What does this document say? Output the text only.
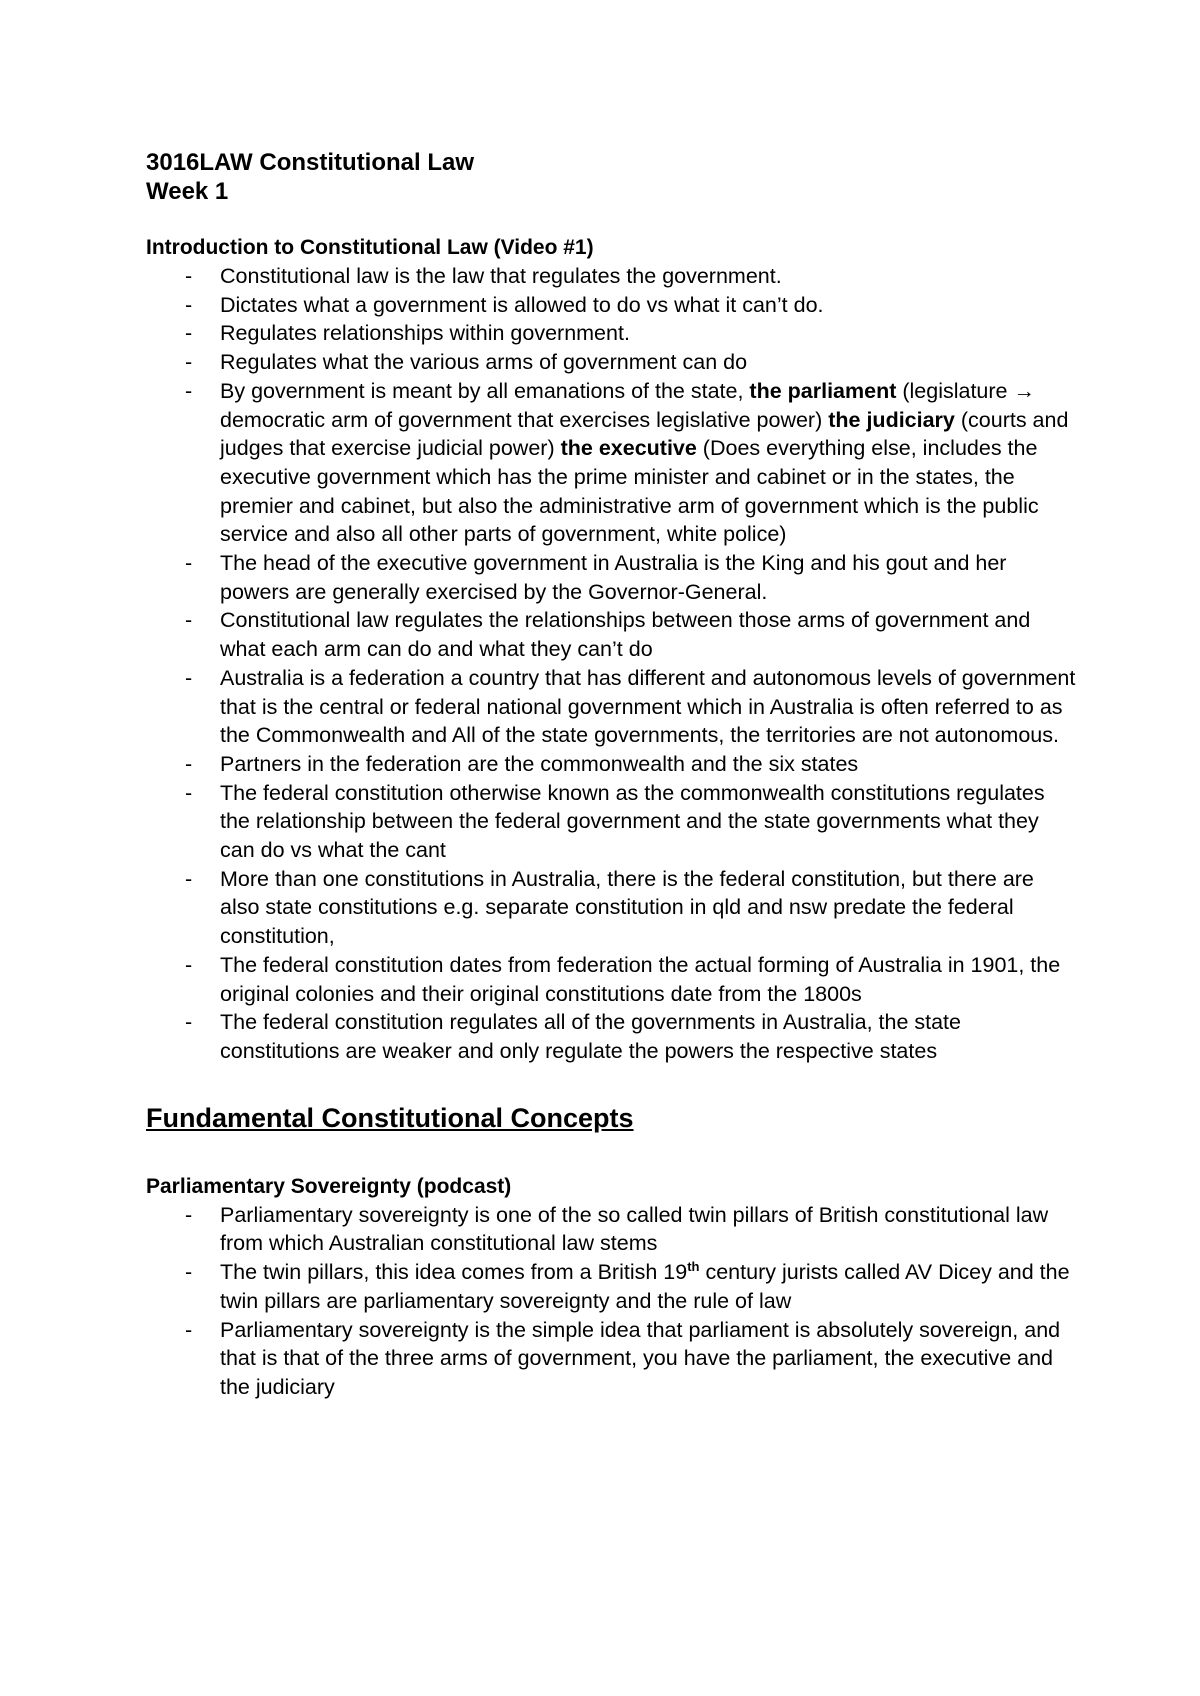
3016LAW Constitutional Law
Week 1
Introduction to Constitutional Law (Video #1)
- Constitutional law is the law that regulates the government.
- Dictates what a government is allowed to do vs what it can’t do.
- Regulates relationships within government.
- Regulates what the various arms of government can do
- By government is meant by all emanations of the state, the parliament (legislature → democratic arm of government that exercises legislative power) the judiciary (courts and judges that exercise judicial power) the executive (Does everything else, includes the executive government which has the prime minister and cabinet or in the states, the premier and cabinet, but also the administrative arm of government which is the public service and also all other parts of government, white police)
- The head of the executive government in Australia is the King and his gout and her powers are generally exercised by the Governor-General.
- Constitutional law regulates the relationships between those arms of government and what each arm can do and what they can’t do
- Australia is a federation a country that has different and autonomous levels of government that is the central or federal national government which in Australia is often referred to as the Commonwealth and All of the state governments, the territories are not autonomous.
- Partners in the federation are the commonwealth and the six states
- The federal constitution otherwise known as the commonwealth constitutions regulates the relationship between the federal government and the state governments what they can do vs what the cant
- More than one constitutions in Australia, there is the federal constitution, but there are also state constitutions e.g. separate constitution in qld and nsw predate the federal constitution,
- The federal constitution dates from federation the actual forming of Australia in 1901, the original colonies and their original constitutions date from the 1800s
- The federal constitution regulates all of the governments in Australia, the state constitutions are weaker and only regulate the powers the respective states
Fundamental Constitutional Concepts
Parliamentary Sovereignty (podcast)
- Parliamentary sovereignty is one of the so called twin pillars of British constitutional law from which Australian constitutional law stems
- The twin pillars, this idea comes from a British 19th century jurists called AV Dicey and the twin pillars are parliamentary sovereignty and the rule of law
- Parliamentary sovereignty is the simple idea that parliament is absolutely sovereign, and that is that of the three arms of government, you have the parliament, the executive and the judiciary
